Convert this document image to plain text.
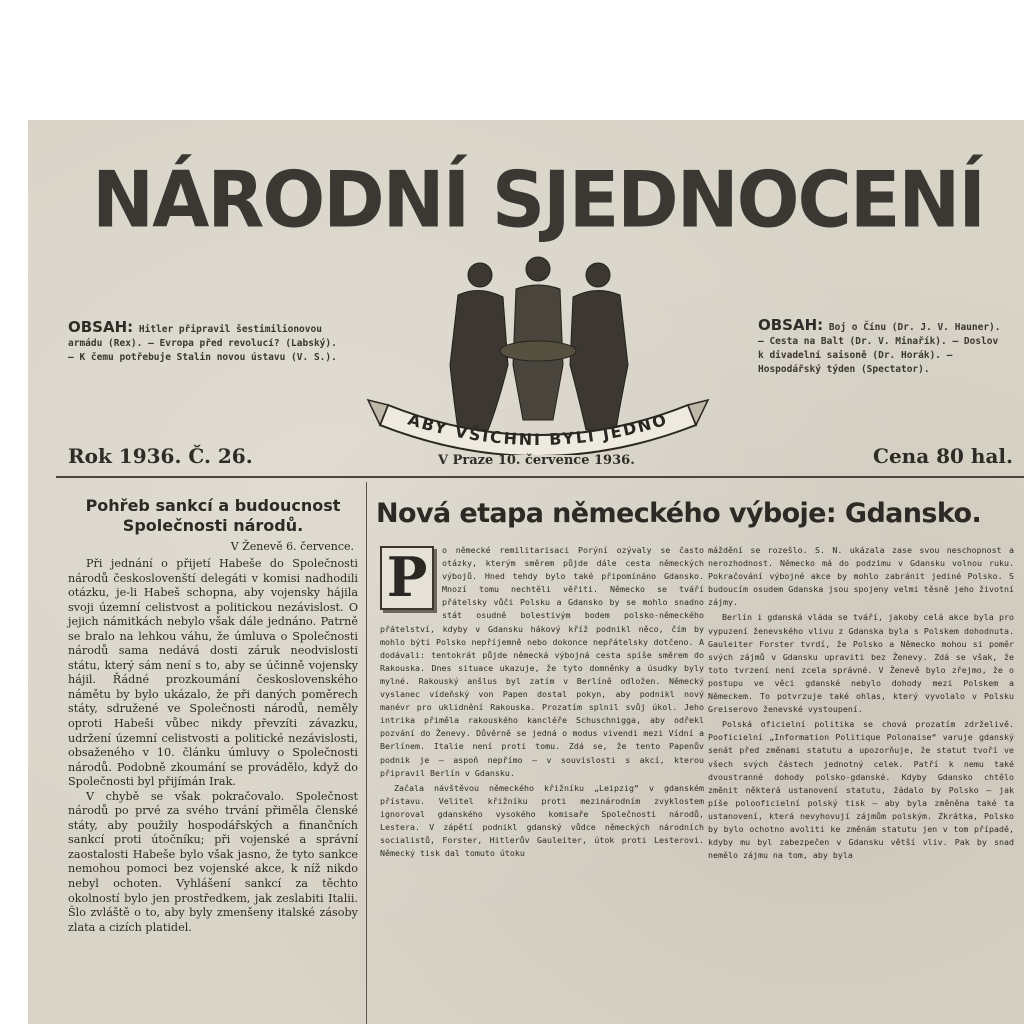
NÁRODNÍ SJEDNOCENÍ
ABY VŠICHNI BYLI JEDNO
OBSAH: Hitler připravil šestimilionovou armádu (Rex). — Evropa před revolucí? (Labský). — K čemu potřebuje Stalin novou ústavu (V. S.).
OBSAH: Boj o Čínu (Dr. J. V. Hauner). — Cesta na Balt (Dr. V. Minařík). — Doslov k divadelní saisoně (Dr. Horák). — Hospodářský týden (Spectator).
Rok 1936. Č. 26.	V Praze 10. července 1936.	Cena 80 hal.
Pohřeb sankcí a budoucnost Společnosti národů.
V Ženevě 6. července.

Při jednání o přijetí Habeše do Společnosti národů českoslovenští delegáti v komisi nadhodili otázku, je-li Habeš schopna, aby vojensky hájila svoji územní celistvost a politickou nezávislost. O jejich námitkách nebylo však dále jednáno. Patrně se bralo na lehkou váhu, že úmluva o Společnosti národů sama nedává dosti záruk neodvislosti státu, který sám není s to, aby se účinně vojensky hájil. Řádné prozkoumání československého námětu by bylo ukázalo, že při daných poměrech státy, sdružené ve Společnosti národů, neměly oproti Habeši vůbec nikdy převzíti závazku, udržení územní celistvosti a politické nezávislosti, obsaženého v 10. článku úmluvy o Společnosti národů. Podobně zkoumání se provádělo, když do Společnosti byl přijímán Irak.

V chybě se však pokračovalo. Společnost národů po prvé za svého trvání přiměla členské státy, aby použily hospodářských a finančních sankcí proti útočníku; při vojenské a správní zaostalosti Habeše bylo však jasno, že tyto sankce nemohou pomoci bez vojenské akce, k níž nikdo nebyl ochoten. Vyhlášení sankcí za těchto okolností bylo jen prostředkem, jak zeslabiti Italii. Šlo zvláště o to, aby byly zmenšeny italské zásoby zlata a cizích platidel.

Nová etapa německého výboje: Gdansko.
P	o německé remilitarisaci Porýní ozývaly se často otázky, kterým směrem půjde dále cesta německých výbojů. Hned tehdy bylo také připomínáno Gdansko. Mnozí tomu nechtěli věřiti. Německo se tváří přátelsky vůči Polsku a Gdansko by se mohlo snadno stát osudně bolestivým bodem polsko-německého přátelství, kdyby v Gdansku hákový kříž podnikl něco, čím by mohlo býti Polsko nepříjemně nebo dokonce nepřátelsky dotčeno. A dodávali: tentokrát půjde německá výbojná cesta spíše směrem do Rakouska. Dnes situace ukazuje, že tyto domněnky a úsudky byly mylné. Rakouský anšlus byl zatím v Berlíně odložen. Německý vyslanec vídeňský von Papen dostal pokyn, aby podnikl nový manévr pro uklidnění Rakouska. Prozatím splnil svůj úkol. Jeho intrika přiměla rakouského kancléře Schuschnigga, aby odřekl pozvání do Ženevy. Důvěrně se jedná o modus vivendi mezi Vídní a Berlínem. Italie není proti tomu. Zdá se, že tento Papenův podnik je — aspoň nepřímo — v souvislosti s akcí, kterou připravil Berlín v Gdansku.

Začala návštěvou německého křižníku „Leipzig“ v gdanském přístavu. Velitel křižníku proti mezinárodním zvyklostem ignoroval gdanského vysokého komisaře Společnosti národů, Lestera. V zápětí podnikl gdanský vůdce německých národních socialistů, Forster, Hitlerův Gauleiter, útok proti Lesterovi. Německý tisk dal tomuto útoku

máždění se rozešlo. S. N. ukázala zase svou neschopnost a nerozhodnost. Německo má do podzimu v Gdansku volnou ruku. Pokračování výbojné akce by mohlo zabránit jediné Polsko. S budoucím osudem Gdanska jsou spojeny velmi těsně jeho životní zájmy.

Berlín i gdanská vláda se tváří, jakoby celá akce byla pro vypuzení ženevského vlivu z Gdanska byla s Polskem dohodnuta. Gauleiter Forster tvrdí, že Polsko a Německo mohou si poměr svých zájmů v Gdansku upraviti bez Ženevy. Zdá se však, že toto tvrzení není zcela správné. V Ženevě bylo zřejmo, že o postupu ve věci gdanské nebylo dohody mezi Polskem a Německem. To potvrzuje také ohlas, který vyvolalo v Polsku Greiserovo ženevské vystoupení.

Polská oficielní politika se chová prozatím zdrželivě. Pooficielní „Information Politique Polonaise“ varuje gdanský senát před změnami statutu a upozorňuje, že statut tvoří ve všech svých částech jednotný celek. Patří k nemu také dvoustranné dohody polsko-gdanské. Kdyby Gdansko chtělo změnit některá ustanovení statutu, žádalo by Polsko — jak píše polooficielní polský tisk — aby byla změněna také ta ustanovení, která nevyhovují zájmům polským. Zkrátka, Polsko by bylo ochotno avoliti ke změnám statutu jen v tom případě, kdyby mu byl zabezpečen v Gdansku větší vliv. Pak by snad nemělo zájmu na tom, aby byla
